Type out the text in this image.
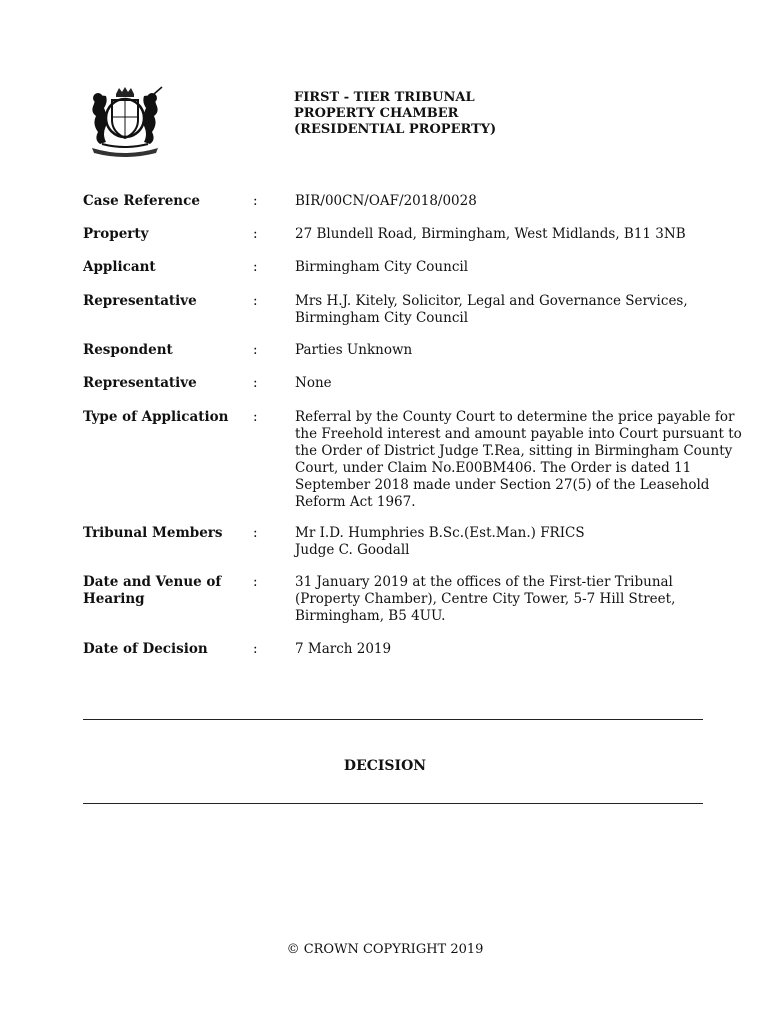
FIRST - TIER TRIBUNAL
PROPERTY CHAMBER
(RESIDENTIAL PROPERTY)
Case Reference	:	BIR/00CN/OAF/2018/0028
Property	:	27 Blundell Road, Birmingham, West Midlands, B11 3NB
Applicant	:	Birmingham City Council
Representative	:	Mrs H.J. Kitely, Solicitor, Legal and Governance Services,
Birmingham City Council
Respondent	:	Parties Unknown
Representative	:	None
Type of Application	:	Referral by the County Court to determine the price payable for
the Freehold interest and amount payable into Court pursuant to
the Order of District Judge T.Rea, sitting in Birmingham County
Court, under Claim No.E00BM406. The Order is dated 11
September 2018 made under Section 27(5) of the Leasehold
Reform Act 1967.
Tribunal Members	:	Mr I.D. Humphries B.Sc.(Est.Man.) FRICS
Judge C. Goodall
Date and Venue of
Hearing
:	31 January 2019 at the offices of the First-tier Tribunal
(Property Chamber), Centre City Tower, 5-7 Hill Street,
Birmingham, B5 4UU.
Date of Decision	:	7 March 2019
DECISION
© CROWN COPYRIGHT 2019
